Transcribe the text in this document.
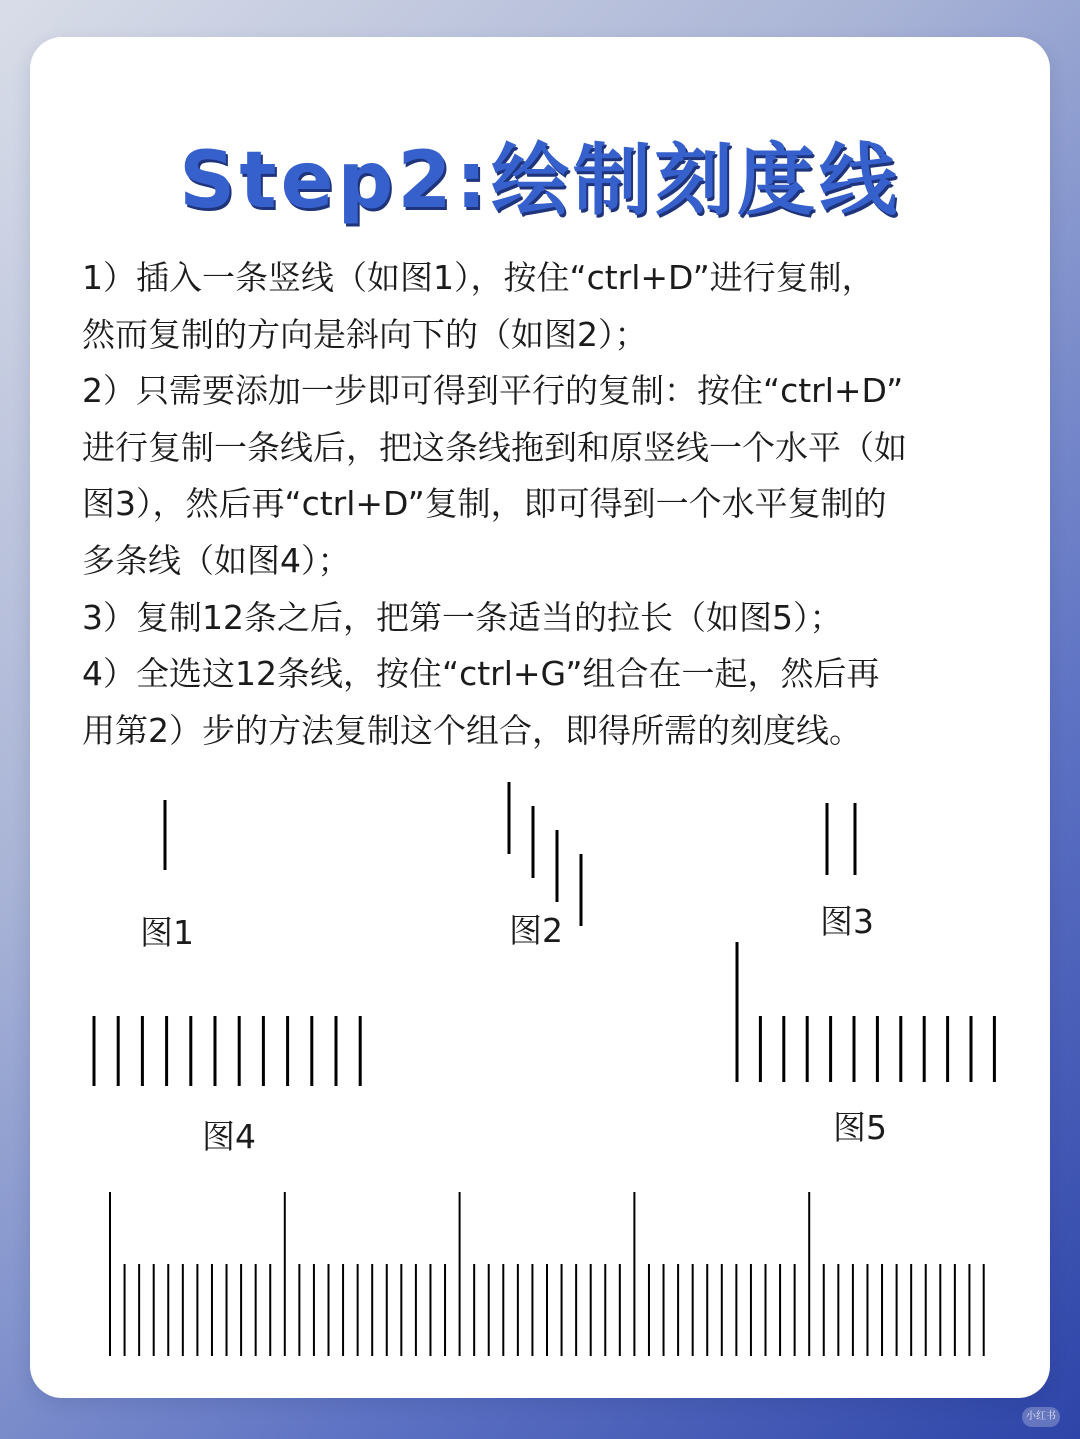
Step2:绘制刻度线
1）插入一条竖线（如图1），按住“ctrl+D”进行复制，
然而复制的方向是斜向下的（如图2）；
2）只需要添加一步即可得到平行的复制：按住“ctrl+D”
进行复制一条线后，把这条线拖到和原竖线一个水平（如
图3），然后再“ctrl+D”复制，即可得到一个水平复制的
多条线（如图4）；
3）复制12条之后，把第一条适当的拉长（如图5）；
4）全选这12条线，按住“ctrl+G”组合在一起，然后再
用第2）步的方法复制这个组合，即得所需的刻度线。
图1	图2	图3
图4	图5
小红书
